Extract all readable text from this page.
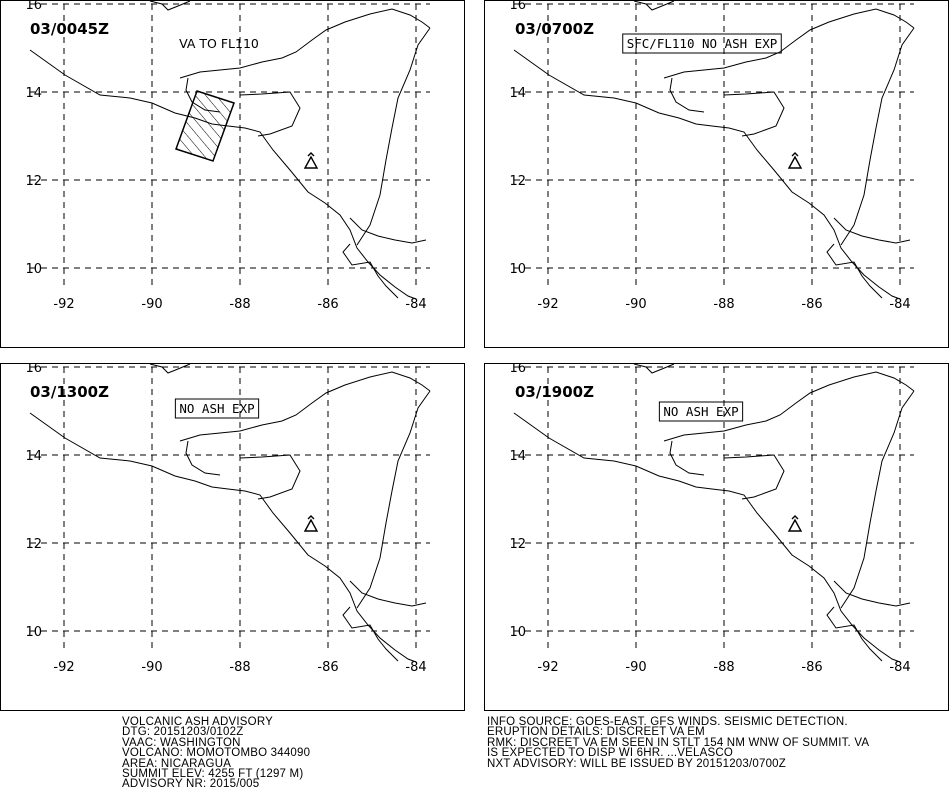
-92	-90	-88	-86	-84
16
14
12
10
03/0045Z
VA TO FL110
-92	-90	-88	-86	-84
16
14
12
10
03/0700Z
SFC/FL110 NO ASH EXP
-92	-90	-88	-86	-84
16
14
12
10
03/1300Z
NO ASH EXP
-92	-90	-88	-86	-84
16
14
12
10
03/1900Z
NO ASH EXP
VOLCANIC ASH ADVISORY
DTG: 20151203/0102Z
VAAC: WASHINGTON
VOLCANO: MOMOTOMBO 344090
AREA: NICARAGUA
SUMMIT ELEV: 4255 FT (1297 M)
ADVISORY NR: 2015/005
INFO SOURCE: GOES-EAST. GFS WINDS. SEISMIC DETECTION.
ERUPTION DETAILS: DISCREET VA EM
RMK: DISCREET VA EM SEEN IN STLT 154 NM WNW OF SUMMIT. VA
IS EXPECTED TO DISP WI 6HR. ...VELASCO
NXT ADVISORY: WILL BE ISSUED BY 20151203/0700Z
